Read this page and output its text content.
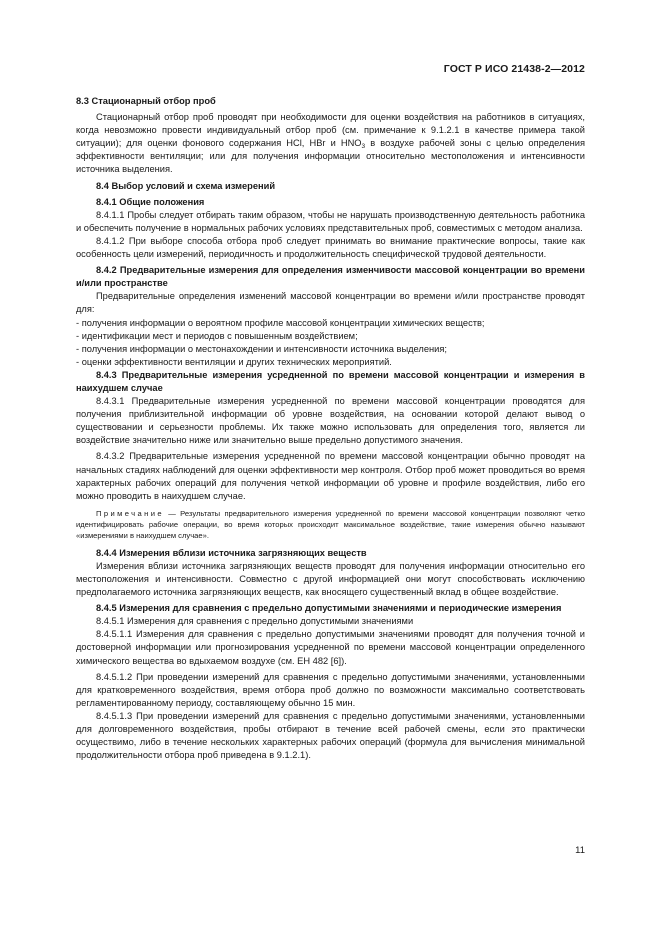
ГОСТ Р ИСО 21438-2—2012

8.3 Стационарный отбор проб

Стационарный отбор проб проводят при необходимости для оценки воздействия на работников в ситуациях, когда невозможно провести индивидуальный отбор проб (см. примечание к 9.1.2.1 в качестве примера такой ситуации); для оценки фонового содержания HCl, HBr и $HNO_3$ в воздухе рабочей зоны с целью определения эффективности вентиляции; или для получения информации относительно местоположения и интенсивности источника выделения.

8.4 Выбор условий и схема измерений

8.4.1 Общие положения

8.4.1.1 Пробы следует отбирать таким образом, чтобы не нарушать производственную деятельность работника и обеспечить получение в нормальных рабочих условиях представительных проб, совместимых с методом анализа.

8.4.1.2 При выборе способа отбора проб следует принимать во внимание практические вопросы, такие как особенность цели измерений, периодичность и продолжительность специфической трудовой деятельности.

8.4.2 Предварительные измерения для определения изменчивости массовой концентрации во времени и/или пространстве

Предварительные определения изменений массовой концентрации во времени и/или пространстве проводят для:

- получения информации о вероятном профиле массовой концентрации химических веществ;

- идентификации мест и периодов с повышенным воздействием;

- получения информации о местонахождении и интенсивности источника выделения;

- оценки эффективности вентиляции и других технических мероприятий.

8.4.3 Предварительные измерения усредненной по времени массовой концентрации и измерения в наихудшем случае

8.4.3.1 Предварительные измерения усредненной по времени массовой концентрации проводятся для получения приблизительной информации об уровне воздействия, на основании которой делают вывод о существовании и серьезности проблемы. Их также можно использовать для определения того, является ли воздействие значительно ниже или значительно выше предельно допустимого значения.

8.4.3.2 Предварительные измерения усредненной по времени массовой концентрации обычно проводят на начальных стадиях наблюдений для оценки эффективности мер контроля. Отбор проб может проводиться во время характерных рабочих операций для получения четкой информации об уровне и профиле воздействия, либо его можно проводить в наихудшем случае.

Примечание — Результаты предварительного измерения усредненной по времени массовой концентрации позволяют четко идентифицировать рабочие операции, во время которых происходит максимальное воздействие, такие измерения обычно называют «измерениями в наихудшем случае».

8.4.4 Измерения вблизи источника загрязняющих веществ

Измерения вблизи источника загрязняющих веществ проводят для получения информации относительно его местоположения и интенсивности. Совместно с другой информацией они могут способствовать исключению предполагаемого источника загрязняющих веществ, как вносящего существенный вклад в общее воздействие.

8.4.5 Измерения для сравнения с предельно допустимыми значениями и периодические измерения

8.4.5.1 Измерения для сравнения с предельно допустимыми значениями

8.4.5.1.1 Измерения для сравнения с предельно допустимыми значениями проводят для получения точной и достоверной информации или прогнозирования усредненной по времени массовой концентрации определенного химического вещества во вдыхаемом воздухе (см. ЕН 482 [6]).

8.4.5.1.2 При проведении измерений для сравнения с предельно допустимыми значениями, установленными для кратковременного воздействия, время отбора проб должно по возможности максимально соответствовать регламентированному периоду, составляющему обычно 15 мин.

8.4.5.1.3 При проведении измерений для сравнения с предельно допустимыми значениями, установленными для долговременного воздействия, пробы отбирают в течение всей рабочей смены, если это практически осуществимо, либо в течение нескольких характерных рабочих операций (формула для вычисления минимальной продолжительности отбора проб приведена в 9.1.2.1).

11
